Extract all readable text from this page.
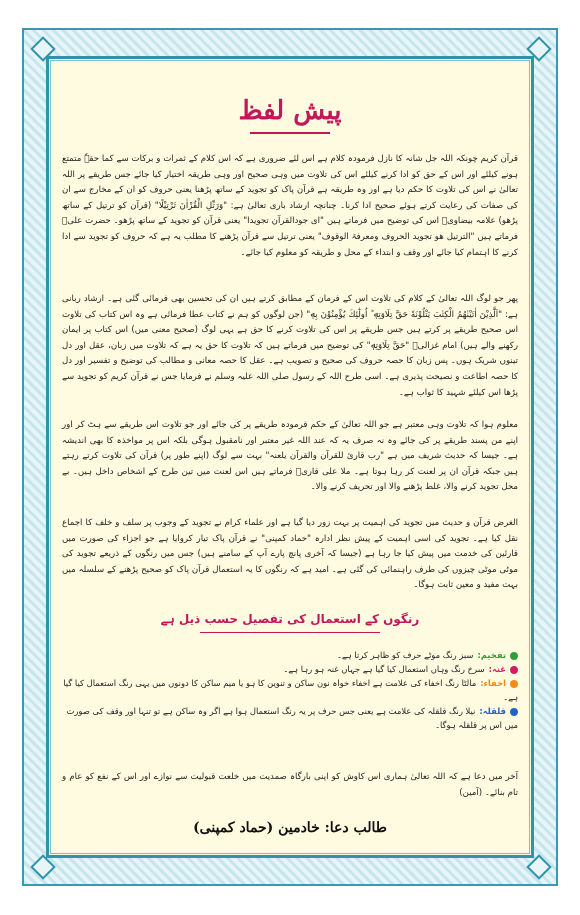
پیش لفظ
قرآن کریم چونکہ اللہ جل شانہ کا نازل فرمودہ کلام ہے اس لئے ضروری ہے کہ اس کلام کے ثمرات و برکات سے کما حقہٗ متمتع ہونے کیلئے اور اس کے حق کو ادا کرنے کیلئے اس کی تلاوت میں وہی صحیح اور وہی طریقہ اختیار کیا جائے جس طریقے پر اللہ تعالیٰ نے اس کی تلاوت کا حکم دیا ہے اور وہ طریقہ ہے قرآن پاک کو تجوید کے ساتھ پڑھنا یعنی حروف کو ان کے مخارج سے ان کی صفات کی رعایت کرتے ہوئے صحیح ادا کرنا۔ چنانچہ ارشاد باری تعالیٰ ہے: "وَرَتِّلِ الْقُرْاٰنَ تَرْتِيْلًا" (قرآن کو ترتیل کے ساتھ پڑھو) علامہ بیضاویؒ اس کی توضیح میں فرماتے ہیں "ای جودالقرآن تجویدا" یعنی قرآن کو تجوید کے ساتھ پڑھو۔ حضرت علیؓ فرماتے ہیں "الترتیل ھو تجوید الحروف ومعرفۃ الوقوف" یعنی ترتیل سے قرآن پڑھنے کا مطلب یہ ہے کہ حروف کو تجوید سے ادا کرنے کا اہتمام کیا جائے اور وقف و ابتداء کے محل و طریقہ کو معلوم کیا جائے۔
پھر جو لوگ اللہ تعالیٰ کے کلام کی تلاوت اس کے فرمان کے مطابق کرتے ہیں ان کی تحسین بھی فرمائی گئی ہے۔ ارشاد ربانی ہے: "اَلَّذِيْنَ اٰتَيْنٰهُمُ الْكِتٰبَ يَتْلُوْنَهٗ حَقَّ تِلَاوَتِهٖ ؕ اُولٰٓئِكَ يُؤْمِنُوْنَ بِهٖ" (جن لوگوں کو ہم نے کتاب عطا فرمائی ہے وہ اس کتاب کی تلاوت اس صحیح طریقے پر کرتے ہیں جس طریقے پر اس کی تلاوت کرنے کا حق ہے یہی لوگ (صحیح معنی میں) اس کتاب پر ایمان رکھنے والے ہیں) امام غزالیؒ "حَقَّ تِلَاوَتِهٖ" کی توضیح میں فرماتے ہیں کہ تلاوت کا حق یہ ہے کہ تلاوت میں زبان، عقل اور دل تینوں شریک ہوں۔ پس زبان کا حصہ حروف کی صحیح و تصویب ہے۔ عقل کا حصہ معانی و مطالب کی توضیح و تفسیر اور دل کا حصہ اطاعت و نصیحت پذیری ہے۔ اسی طرح اللہ کے رسول صلی اللہ علیہ وسلم نے فرمایا جس نے قرآن کریم کو تجوید سے پڑھا اس کیلئے شہید کا ثواب ہے۔
معلوم ہوا کہ تلاوت وہی معتبر ہے جو اللہ تعالیٰ کے حکم فرمودہ طریقے پر کی جائے اور جو تلاوت اس طریقے سے ہٹ کر اور اپنے من پسند طریقے پر کی جائے وہ نہ صرف یہ کہ عند اللہ غیر معتبر اور نامقبول ہوگی بلکہ اس پر مواخذہ کا بھی اندیشہ ہے۔ جیسا کہ حدیث شریف میں ہے "رب قارئ للقرآن والقرآن یلعنہ" بہت سے لوگ (اپنے طور پر) قرآن کی تلاوت کرتے رہتے ہیں جبکہ قرآن ان پر لعنت کر رہا ہوتا ہے۔ ملا علی قاریؒ فرماتے ہیں اس لعنت میں تین طرح کے اشخاص داخل ہیں۔ بے محل تجوید کرنے والا، غلط پڑھنے والا اور تحریف کرنے والا۔
الغرض قرآن و حدیث میں تجوید کی اہمیت پر بہت زور دیا گیا ہے اور علماء کرام نے تجوید کے وجوب پر سلف و خلف کا اجماع نقل کیا ہے۔ تجوید کی اسی اہمیت کے پیش نظر ادارہ "حماد کمپنی" نے قرآن پاک تیار کروایا ہے جو اجزاء کی صورت میں قارئین کی خدمت میں پیش کیا جا رہا ہے (جیسا کہ آخری پانچ پارے آپ کے سامنے ہیں) جس میں رنگوں کے ذریعے تجوید کی موٹی موٹی چیزوں کی طرف راہنمائی کی گئی ہے۔ امید ہے کہ رنگوں کا یہ استعمال قرآن پاک کو صحیح پڑھنے کے سلسلہ میں بہت مفید و معین ثابت ہوگا۔
رنگوں کے استعمال کی تفصیل حسب ذیل ہے
تفخیم:سبز رنگ موٹے حرف کو ظاہر کرتا ہے۔
غنہ:سرخ رنگ وہاں استعمال کیا گیا ہے جہاں غنہ ہو رہا ہے۔
اخفاء:مالٹا رنگ اخفاء کی علامت ہے اخفاء خواہ نون ساکن و تنوین کا ہو یا میم ساکن کا دونوں میں یہی رنگ استعمال کیا گیا ہے۔
قلقلہ:نیلا رنگ قلقلہ کی علامت ہے یعنی جس حرف پر یہ رنگ استعمال ہوا ہے اگر وہ ساکن ہے تو تنہا اور وقف کی صورت میں اس پر قلقلہ ہوگا۔
آخر میں دعا ہے کہ اللہ تعالیٰ ہماری اس کاوش کو اپنی بارگاہ صمدیت میں خلعت قبولیت سے نوازے اور اس کے نفع کو عام و تام بنائے۔ (آمین)
طالب دعا: خادمین (حماد کمپنی)
